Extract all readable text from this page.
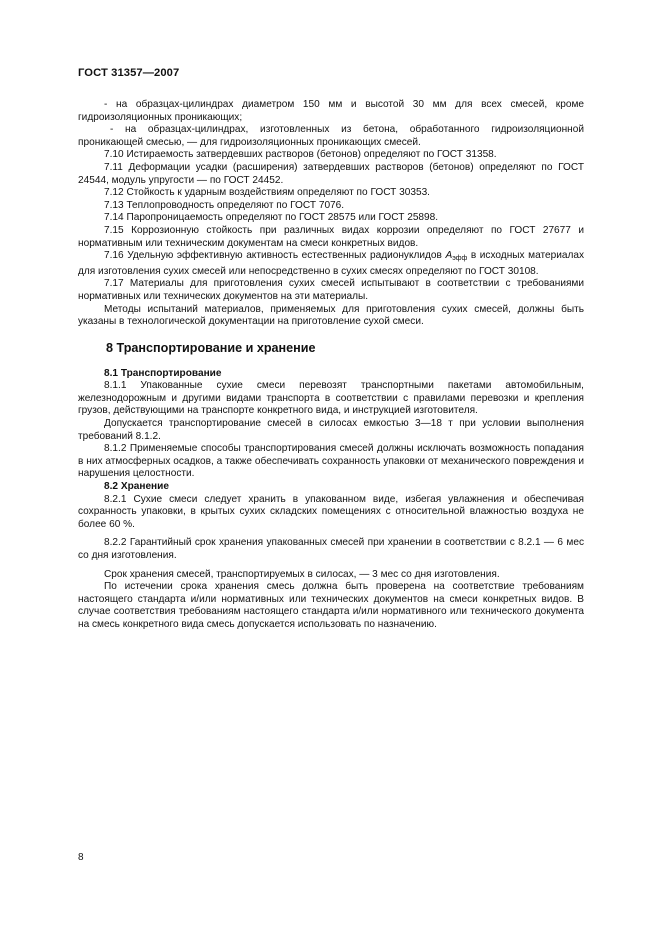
ГОСТ 31357—2007

- на образцах-цилиндрах диаметром 150 мм и высотой 30 мм для всех смесей, кроме гидроизоляционных проникающих;

- на образцах-цилиндрах, изготовленных из бетона, обработанного гидроизоляционной проникающей смесью, — для гидроизоляционных проникающих смесей.

7.10 Истираемость затвердевших растворов (бетонов) определяют по ГОСТ 31358.

7.11 Деформации усадки (расширения) затвердевших растворов (бетонов) определяют по ГОСТ 24544, модуль упругости — по ГОСТ 24452.

7.12 Стойкость к ударным воздействиям определяют по ГОСТ 30353.

7.13 Теплопроводность определяют по ГОСТ 7076.

7.14 Паропроницаемость определяют по ГОСТ 28575 или ГОСТ 25898.

7.15 Коррозионную стойкость при различных видах коррозии определяют по ГОСТ 27677 и нормативным или техническим документам на смеси конкретных видов.

7.16 Удельную эффективную активность естественных радионуклидов Aэфф в исходных материалах для изготовления сухих смесей или непосредственно в сухих смесях определяют по ГОСТ 30108.

7.17 Материалы для приготовления сухих смесей испытывают в соответствии с требованиями нормативных или технических документов на эти материалы.

Методы испытаний материалов, применяемых для приготовления сухих смесей, должны быть указаны в технологической документации на приготовление сухой смеси.

8 Транспортирование и хранение

8.1 Транспортирование

8.1.1 Упакованные сухие смеси перевозят транспортными пакетами автомобильным, железнодорожным и другими видами транспорта в соответствии с правилами перевозки и крепления грузов, действующими на транспорте конкретного вида, и инструкцией изготовителя.

Допускается транспортирование смесей в силосах емкостью 3—18 т при условии выполнения требований 8.1.2.

8.1.2 Применяемые способы транспортирования смесей должны исключать возможность попадания в них атмосферных осадков, а также обеспечивать сохранность упаковки от механического повреждения и нарушения целостности.

8.2 Хранение

8.2.1 Сухие смеси следует хранить в упакованном виде, избегая увлажнения и обеспечивая сохранность упаковки, в крытых сухих складских помещениях с относительной влажностью воздуха не более 60 %.

8.2.2 Гарантийный срок хранения упакованных смесей при хранении в соответствии с 8.2.1 — 6 мес со дня изготовления.

Срок хранения смесей, транспортируемых в силосах, — 3 мес со дня изготовления.

По истечении срока хранения смесь должна быть проверена на соответствие требованиям настоящего стандарта и/или нормативных или технических документов на смеси конкретных видов. В случае соответствия требованиям настоящего стандарта и/или нормативного или технического документа на смесь конкретного вида смесь допускается использовать по назначению.

8
